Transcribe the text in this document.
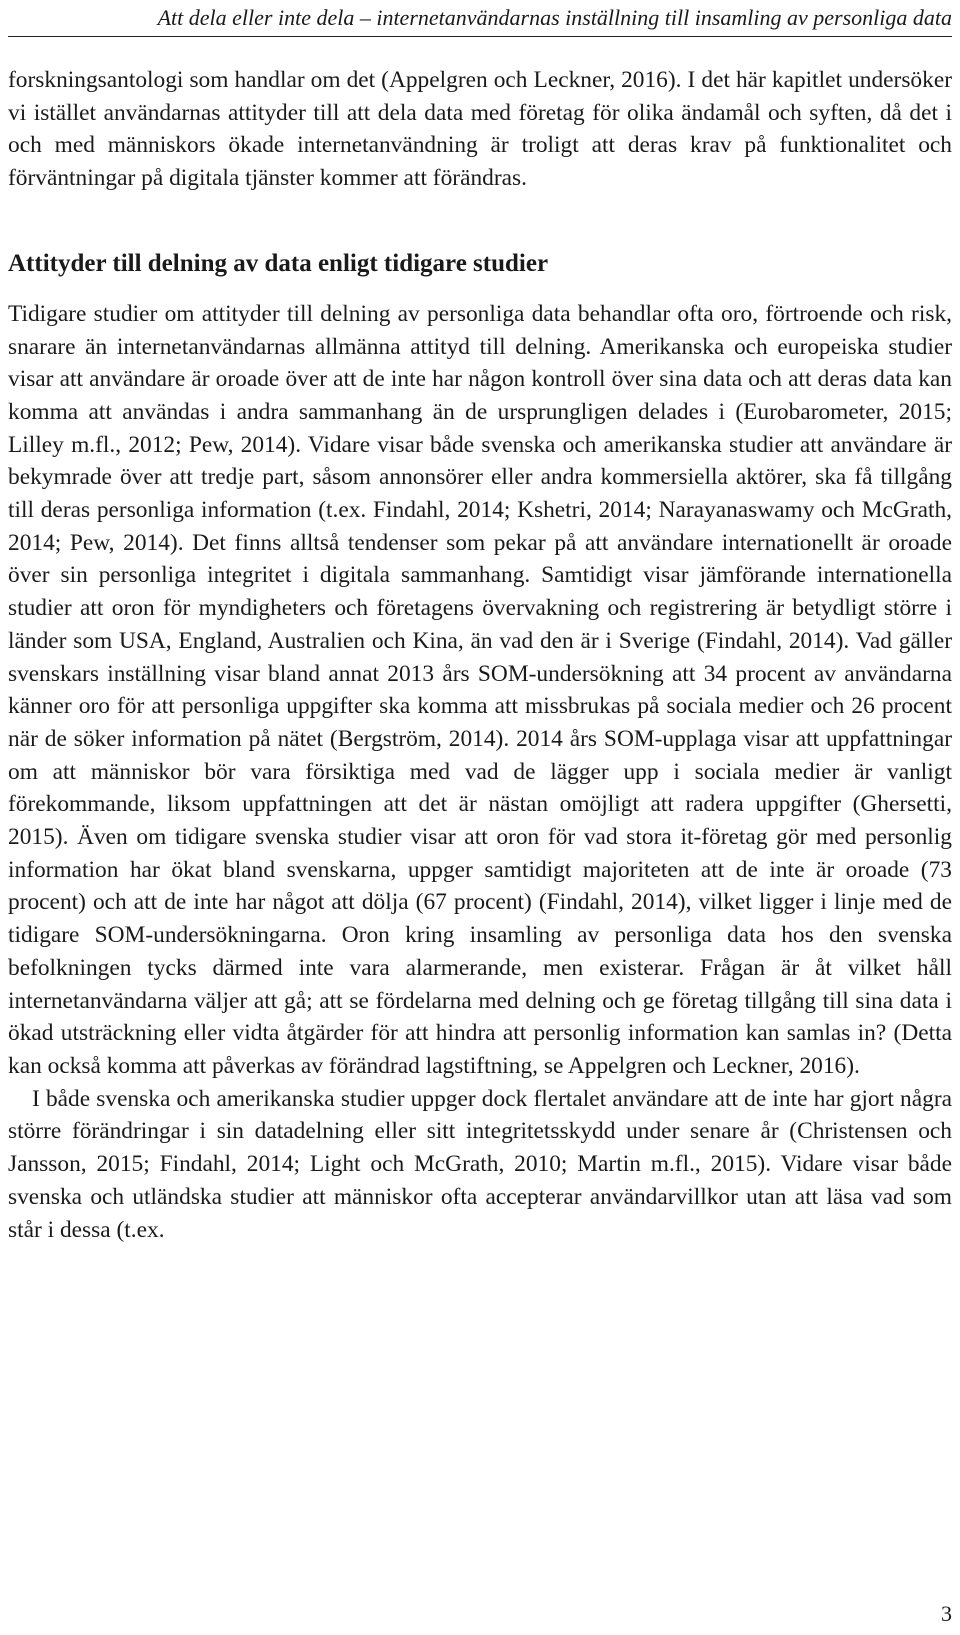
Att dela eller inte dela – internetanvändarnas inställning till insamling av personliga data

forskningsantologi som handlar om det (Appelgren och Leckner, 2016). I det här kapitlet undersöker vi istället användarnas attityder till att dela data med företag för olika ändamål och syften, då det i och med människors ökade internetanvändning är troligt att deras krav på funktionalitet och förväntningar på digitala tjänster kommer att förändras.

Attityder till delning av data enligt tidigare studier

Tidigare studier om attityder till delning av personliga data behandlar ofta oro, förtroende och risk, snarare än internetanvändarnas allmänna attityd till delning. Amerikanska och europeiska studier visar att användare är oroade över att de inte har någon kontroll över sina data och att deras data kan komma att användas i andra sammanhang än de ursprungligen delades i (Eurobarometer, 2015; Lilley m.fl., 2012; Pew, 2014). Vidare visar både svenska och amerikanska studier att användare är bekymrade över att tredje part, såsom annonsörer eller andra kommersiella aktörer, ska få tillgång till deras personliga information (t.ex. Findahl, 2014; Kshetri, 2014; Narayanaswamy och McGrath, 2014; Pew, 2014). Det finns alltså tendenser som pekar på att användare internationellt är oroade över sin personliga integritet i digitala sammanhang. Samtidigt visar jämförande internationella studier att oron för myndigheters och företagens övervakning och registrering är betydligt större i länder som USA, England, Australien och Kina, än vad den är i Sverige (Findahl, 2014). Vad gäller svenskars inställning visar bland annat 2013 års SOM-undersökning att 34 procent av användarna känner oro för att personliga uppgifter ska komma att missbrukas på sociala medier och 26 procent när de söker information på nätet (Bergström, 2014). 2014 års SOM-upplaga visar att uppfattningar om att människor bör vara försiktiga med vad de lägger upp i sociala medier är vanligt förekommande, liksom uppfattningen att det är nästan omöjligt att radera uppgifter (Ghersetti, 2015). Även om tidigare svenska studier visar att oron för vad stora it-företag gör med personlig information har ökat bland svenskarna, uppger samtidigt majoriteten att de inte är oroade (73 procent) och att de inte har något att dölja (67 procent) (Findahl, 2014), vilket ligger i linje med de tidigare SOM-undersökningarna. Oron kring insamling av personliga data hos den svenska befolkningen tycks därmed inte vara alarmerande, men existerar. Frågan är åt vilket håll internetanvändarna väljer att gå; att se fördelarna med delning och ge företag tillgång till sina data i ökad utsträckning eller vidta åtgärder för att hindra att personlig information kan samlas in? (Detta kan också komma att påverkas av förändrad lagstiftning, se Appelgren och Leckner, 2016).

I både svenska och amerikanska studier uppger dock flertalet användare att de inte har gjort några större förändringar i sin datadelning eller sitt integritetsskydd under senare år (Christensen och Jansson, 2015; Findahl, 2014; Light och McGrath, 2010; Martin m.fl., 2015). Vidare visar både svenska och utländska studier att människor ofta accepterar användarvillkor utan att läsa vad som står i dessa (t.ex.

3
